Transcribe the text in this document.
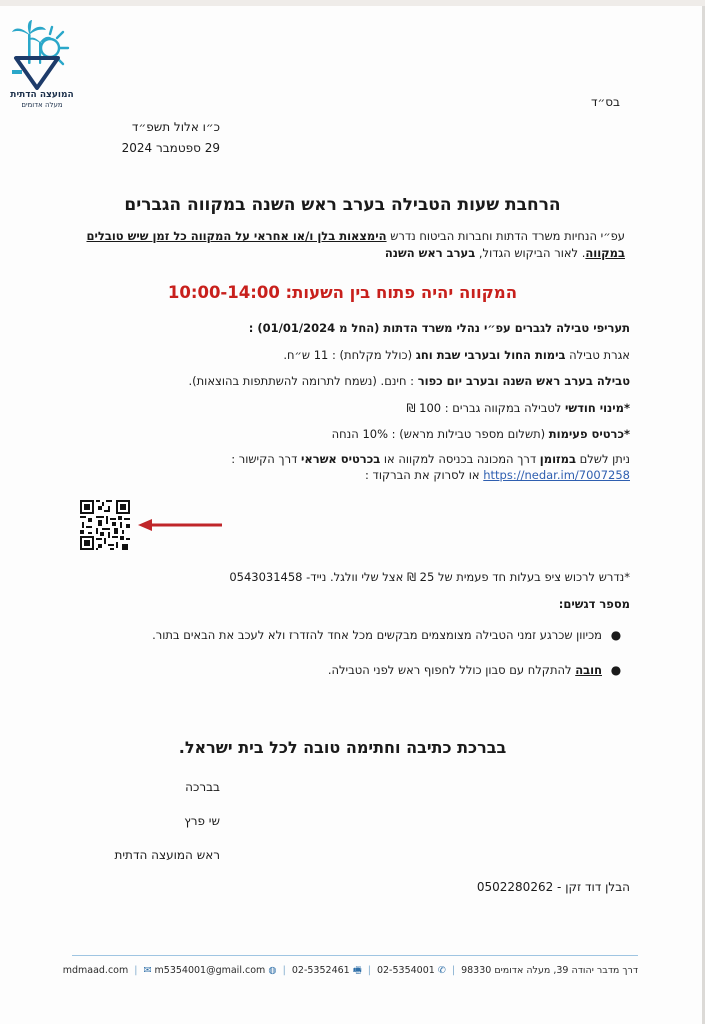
המועצה הדתית
מעלה אדומים	בס״ד
כ״ו אלול תשפ״ד
29 ספטמבר 2024
הרחבת שעות הטבילה בערב ראש השנה במקווה הגברים
עפ״י הנחיות משרד הדתות וחברות הביטוח נדרש הימצאות בלן ו/או אחראי על המקווה כל זמן שיש טובלים במקווה. לאור הביקוש הגדול, בערב ראש השנה
המקווה יהיה פתוח בין השעות: 10:00-14:00
תעריפי טבילה לגברים עפ״י נהלי משרד הדתות (החל מ 01/01/2024) :
אגרת טבילה בימות החול ובערבי שבת וחג (כולל מקלחת) : 11 ש״ח.
טבילה בערב ראש השנה ובערב יום כפור : חינם. (נשמח לתרומה להשתתפות בהוצאות).
*מינוי חודשי לטבילה במקווה גברים : 100 ₪
*כרטיס פעימות (תשלום מספר טבילות מראש) : 10% הנחה
ניתן לשלם במזומן דרך המכונה בכניסה למקווה או בכרטיס אשראי דרך הקישור :
https://nedar.im/7007258 או לסרוק את הברקוד :
*נדרש לרכוש ציפ בעלות חד פעמית של 25 ₪ אצל שלי וולגל. נייד- 0543031458
מספר דגשים:
●
מכיוון שכרגע זמני הטבילה מצומצמים מבקשים מכל אחד להזדרז ולא לעכב את הבאים בתור.
●
חובה להתקלח עם סבון כולל לחפוף ראש לפני הטבילה.
בברכת כתיבה וחתימה טובה לכל בית ישראל.
בברכה
שי פרץ
ראש המועצה הדתית
הבלן דוד זקן - 0502280262
דרך מדבר יהודה 39, מעלה אדומים 98330 | ✆ 02-5354001 | 🖷 02-5352461 | ◍ mdmaad.com | ✉ m5354001@gmail.com
